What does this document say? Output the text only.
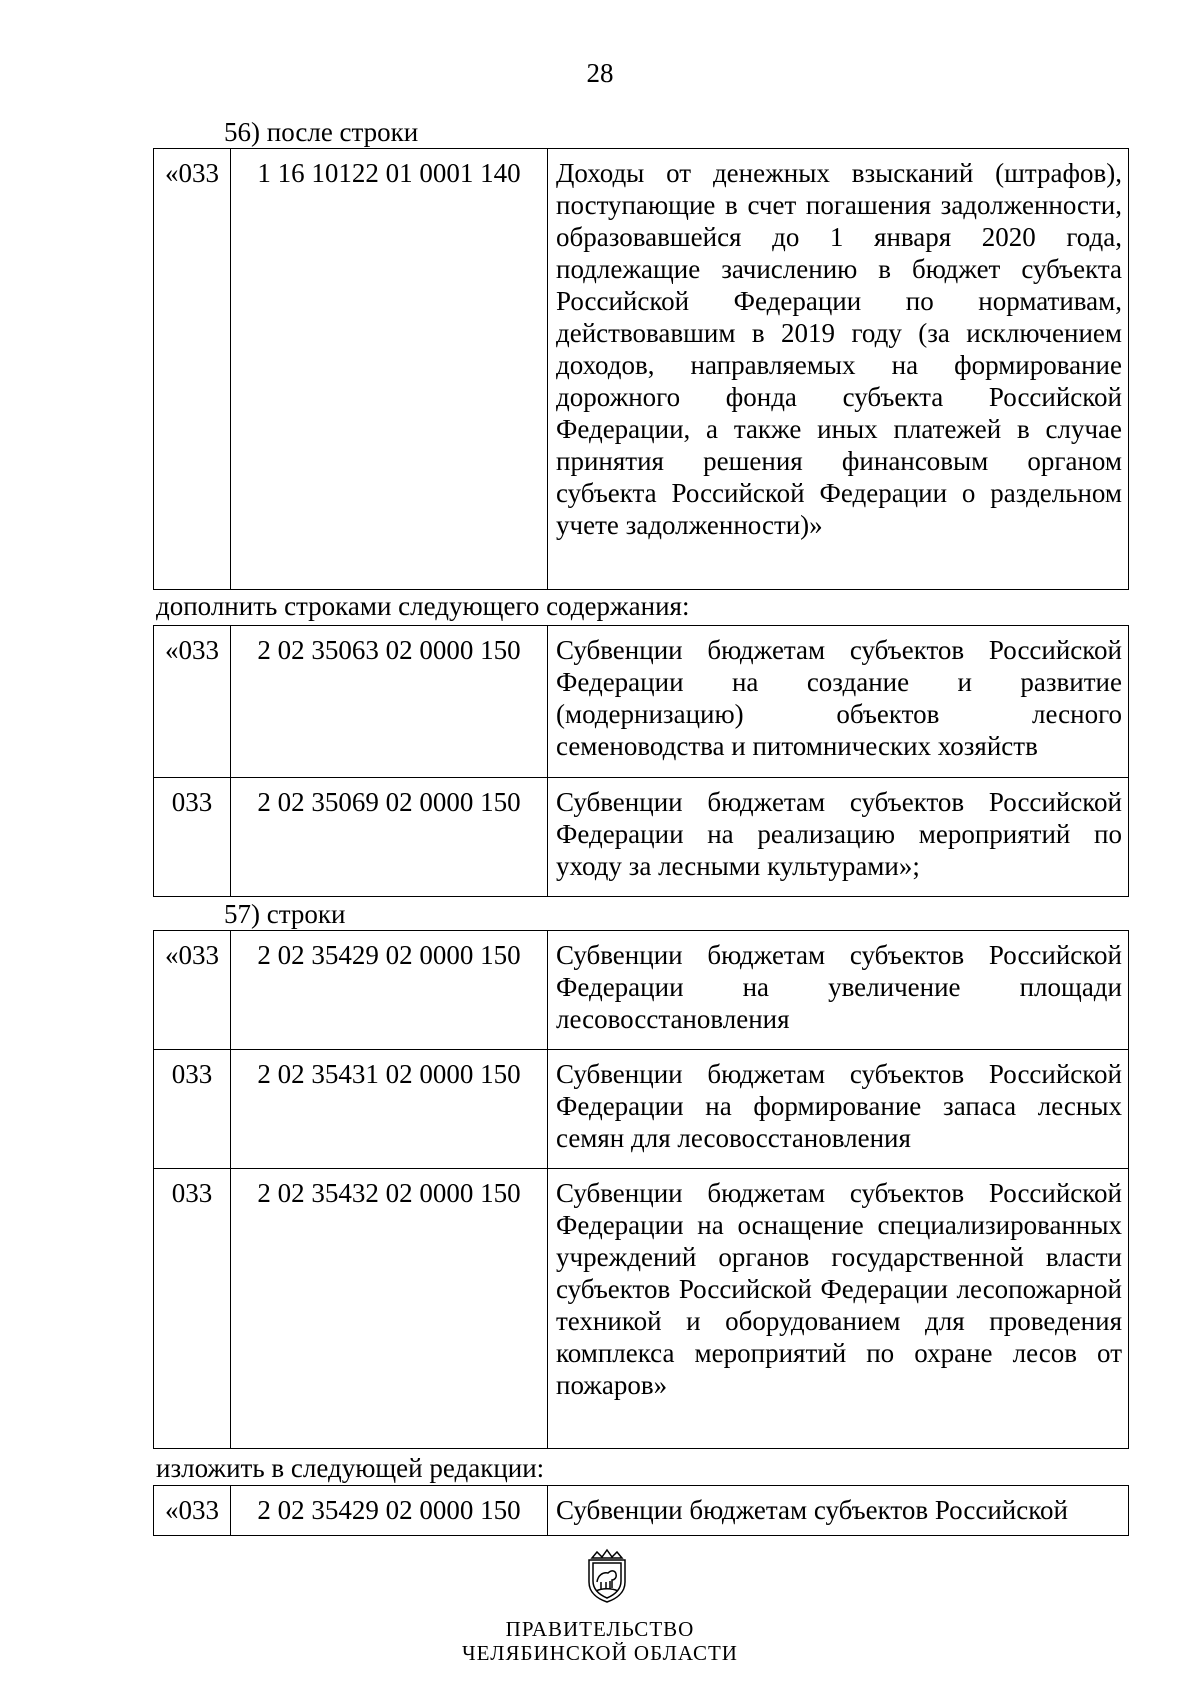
28
56) после строки
«033	1 16 10122 01 0001 140	Доходы от денежных взысканий (штрафов), поступающие в счет погашения задолженности, образовавшейся до 1 января 2020 года, подлежащие зачислению в бюджет субъекта Российской Федерации по нормативам, действовавшим в 2019 году (за исключением доходов, направляемых на формирование дорожного фонда субъекта Российской Федерации, а также иных платежей в случае принятия решения финансовым органом субъекта Российской Федерации о раздельном учете задолженности)»
дополнить строками следующего содержания:
«033	2 02 35063 02 0000 150	Субвенции бюджетам субъектов Российской Федерации на создание и развитие (модернизацию) объектов лесного семеноводства и питомнических хозяйств

033	2 02 35069 02 0000 150	Субвенции бюджетам субъектов Российской Федерации на реализацию мероприятий по уходу за лесными культурами»;
57) строки
«033	2 02 35429 02 0000 150	Субвенции бюджетам субъектов Российской Федерации на увеличение площади лесовосстановления

033	2 02 35431 02 0000 150	Субвенции бюджетам субъектов Российской Федерации на формирование запаса лесных семян для лесовосстановления

033	2 02 35432 02 0000 150	Субвенции бюджетам субъектов Российской Федерации на оснащение специализированных учреждений органов государственной власти субъектов Российской Федерации лесопожарной техникой и оборудованием для проведения комплекса мероприятий по охране лесов от пожаров»
изложить в следующей редакции:
«033	2 02 35429 02 0000 150	Субвенции бюджетам субъектов Российской
ПРАВИТЕЛЬСТВО
ЧЕЛЯБИНСКОЙ ОБЛАСТИ
